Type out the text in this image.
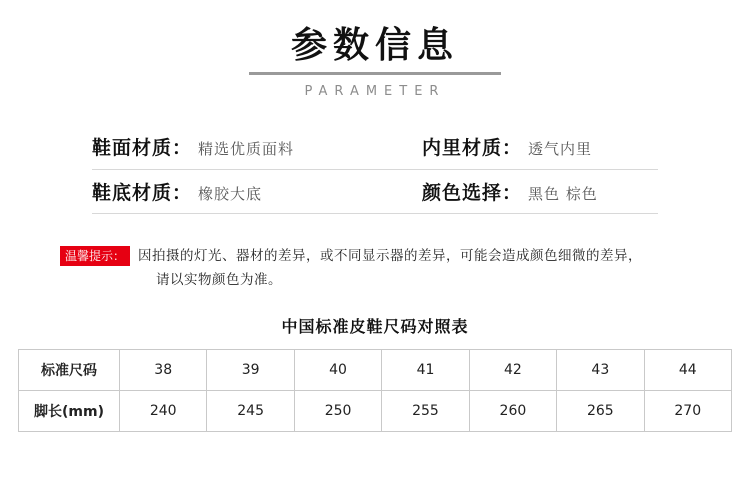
参数信息
PARAMETER
鞋面材质： 精选优质面料	内里材质： 透气内里

鞋底材质： 橡胶大底	颜色选择： 黑色 棕色
温馨提示： 因拍摄的灯光、器材的差异，或不同显示器的差异，可能会造成颜色细微的差异，
请以实物颜色为准。
中国标准皮鞋尺码对照表
标准尺码	38	39	40	41	42	43	44
脚长(mm)	240	245	250	255	260	265	270
